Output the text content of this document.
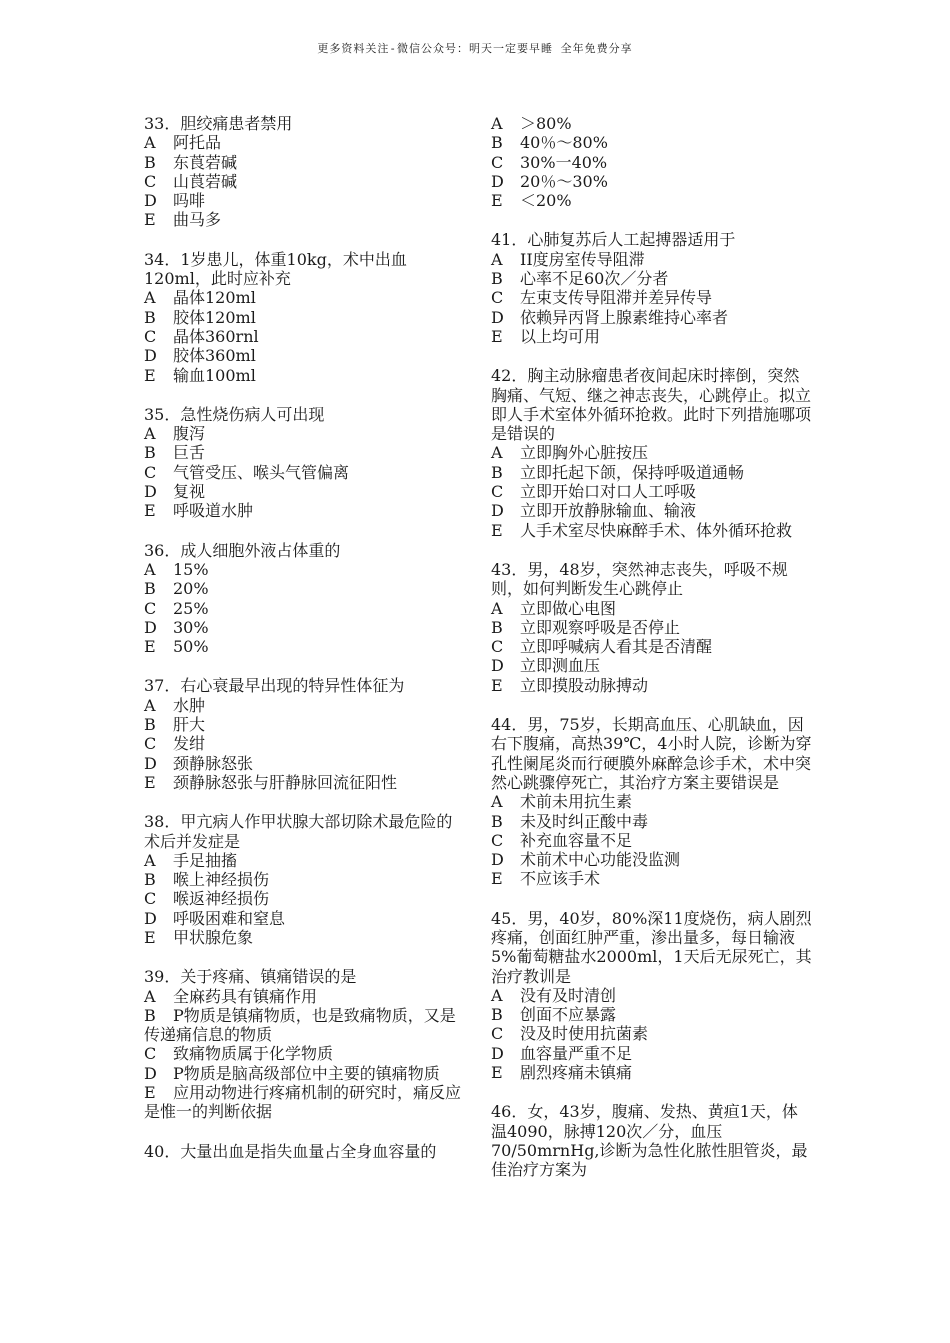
更多资料关注-微信公众号：明天一定要早睡 全年免费分享
33．胆绞痛患者禁用
A	阿托品
B	东莨菪碱
C	山莨菪碱
D	吗啡
E	曲马多
34．1岁患儿，体重10kg，术中出血120ml，此时应补充
A	晶体120ml
B	胶体120ml
C	晶体360rnl
D	胶体360ml
E	输血100ml
35．急性烧伤病人可出现
A	腹泻
B	巨舌
C	气管受压、喉头气管偏离
D	复视
E	呼吸道水肿
36．成人细胞外液占体重的
A	15%
B	20%
C	25%
D	30%
E	50%
37．右心衰最早出现的特异性体征为
A	水肿
B	肝大
C	发绀
D	颈静脉怒张
E	颈静脉怒张与肝静脉回流征阳性
38．甲亢病人作甲状腺大部切除术最危险的术后并发症是
A	手足抽搐
B	喉上神经损伤
C	喉返神经损伤
D	呼吸困难和窒息
E	甲状腺危象
39．关于疼痛、镇痛错误的是
A	全麻药具有镇痛作用
B P物质是镇痛物质，也是致痛物质，又是传递痛信息的物质
C	致痛物质属于化学物质
D P物质是脑高级部位中主要的镇痛物质
E 应用动物进行疼痛机制的研究时，痛反应是惟一的判断依据
40．大量出血是指失血量占全身血容量的
A	＞80%
B	40％～80%
C	30%一40%
D	20％～30%
E	＜20%
41．心肺复苏后人工起搏器适用于
A	II度房室传导阻滞
B	心率不足60次／分者
C	左束支传导阻滞并差异传导
D	依赖异丙肾上腺素维持心率者
E	以上均可用
42．胸主动脉瘤患者夜间起床时摔倒，突然胸痛、气短、继之神志丧失，心跳停止。拟立即人手术室体外循环抢救。此时下列措施哪项是错误的
A	立即胸外心脏按压
B	立即托起下颌，保持呼吸道通畅
C	立即开始口对口人工呼吸
D	立即开放静脉输血、输液
E 人手术室尽快麻醉手术、体外循环抢救
43．男，48岁，突然神志丧失，呼吸不规则，如何判断发生心跳停止
A	立即做心电图
B	立即观察呼吸是否停止
C	立即呼喊病人看其是否清醒
D	立即测血压
E	立即摸股动脉搏动
44．男，75岁，长期高血压、心肌缺血，因右下腹痛，高热39℃，4小时人院，诊断为穿孔性阑尾炎而行硬膜外麻醉急诊手术，术中突然心跳骤停死亡，其治疗方案主要错误是
A	术前未用抗生素
B	未及时纠正酸中毒
C	补充血容量不足
D	术前术中心功能没监测
E	不应该手术
45．男，40岁，80%深11度烧伤，病人剧烈疼痛，创面红肿严重，渗出量多，每日输液5%葡萄糖盐水2000ml，1天后无尿死亡，其治疗教训是
A	没有及时清创
B	创面不应暴露
C	没及时使用抗菌素
D	血容量严重不足
E	剧烈疼痛未镇痛
46．女，43岁，腹痛、发热、黄疸1天，体温4090，脉搏120次／分，血压70/50mrnHg,诊断为急性化脓性胆管炎，最佳治疗方案为
